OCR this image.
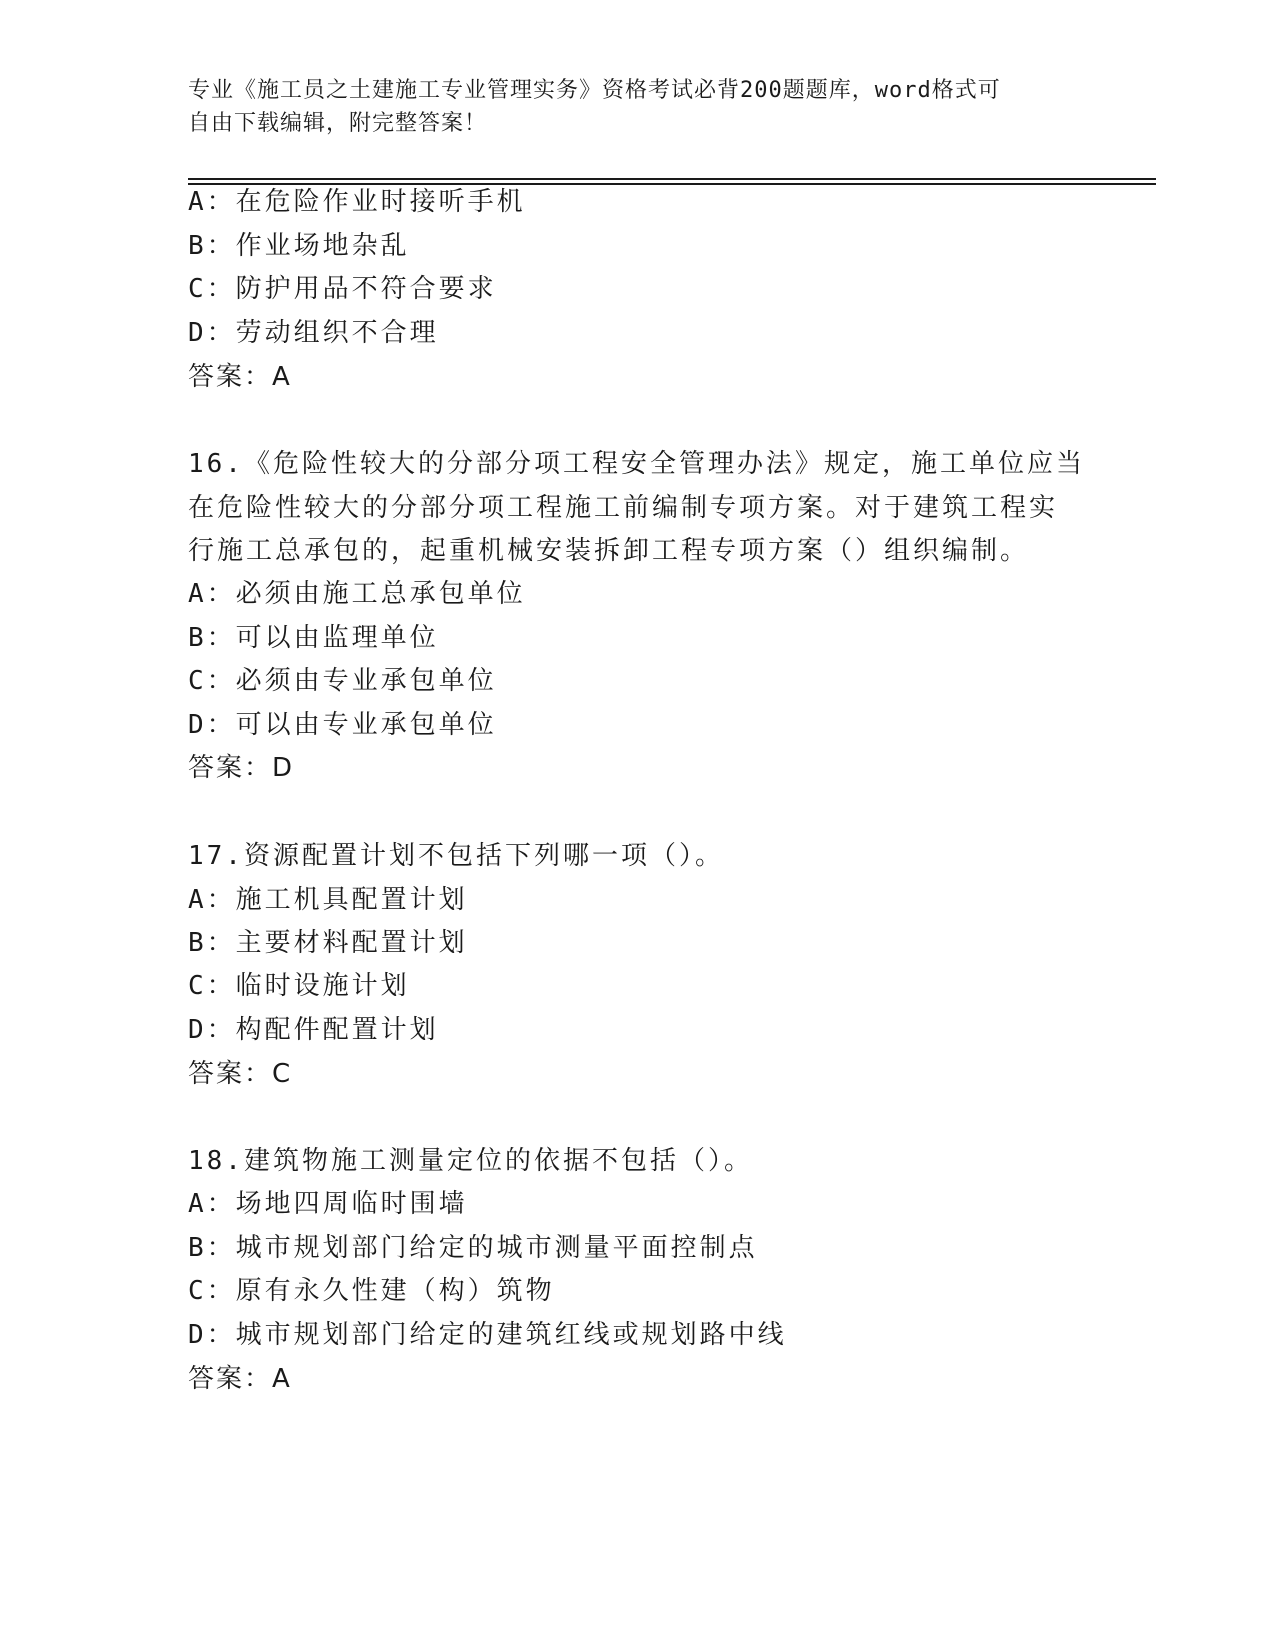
专业《施工员之土建施工专业管理实务》资格考试必背200题题库，word格式可
自由下载编辑，附完整答案！
A：在危险作业时接听手机
B：作业场地杂乱
C：防护用品不符合要求
D：劳动组织不合理
答案：A
16.《危险性较大的分部分项工程安全管理办法》规定，施工单位应当
在危险性较大的分部分项工程施工前编制专项方案。对于建筑工程实
行施工总承包的，起重机械安装拆卸工程专项方案（）组织编制。
A：必须由施工总承包单位
B：可以由监理单位
C：必须由专业承包单位
D：可以由专业承包单位
答案：D
17.资源配置计划不包括下列哪一项（）。
A：施工机具配置计划
B：主要材料配置计划
C：临时设施计划
D：构配件配置计划
答案：C
18.建筑物施工测量定位的依据不包括（）。
A：场地四周临时围墙
B：城市规划部门给定的城市测量平面控制点
C：原有永久性建（构）筑物
D：城市规划部门给定的建筑红线或规划路中线
答案：A
